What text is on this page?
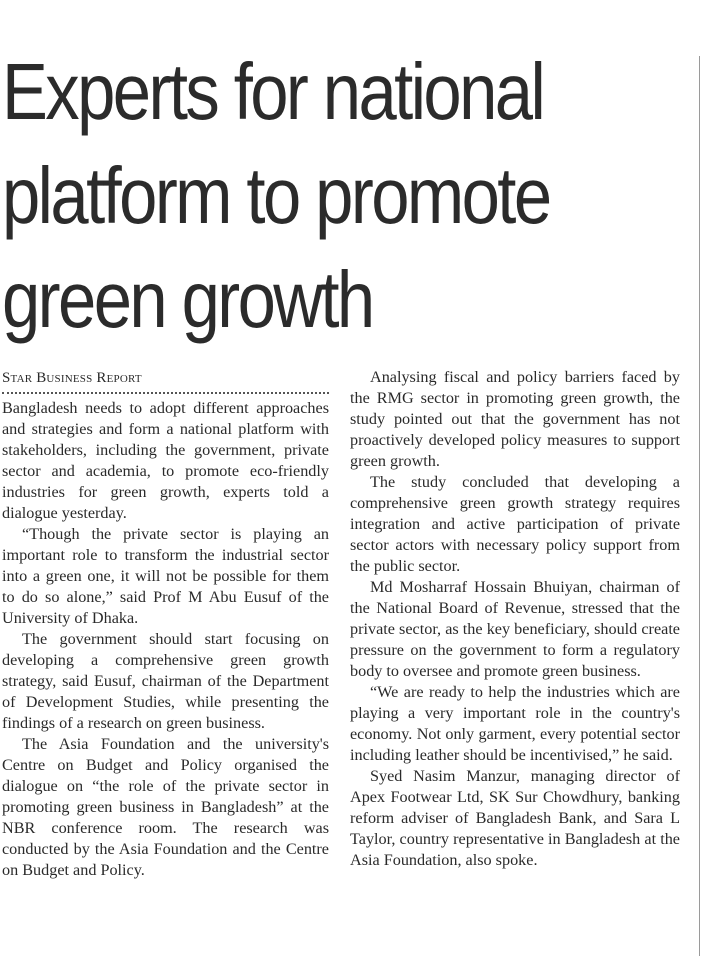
Experts for national
platform to promote
green growth

Star Business Report

Bangladesh needs to adopt different approaches and strategies and form a national platform with stakeholders, including the government, private sector and academia, to promote eco-friendly industries for green growth, experts told a dialogue yesterday.

“Though the private sector is playing an important role to transform the industrial sector into a green one, it will not be possible for them to do so alone,” said Prof M Abu Eusuf of the University of Dhaka.

The government should start focusing on developing a comprehensive green growth strategy, said Eusuf, chairman of the Department of Development Studies, while presenting the findings of a research on green business.

The Asia Foundation and the university's Centre on Budget and Policy organised the dialogue on “the role of the private sector in promoting green business in Bangladesh” at the NBR conference room. The research was conducted by the Asia Foundation and the Centre on Budget and Policy.

Analysing fiscal and policy barriers faced by the RMG sector in promoting green growth, the study pointed out that the government has not proactively developed policy measures to support green growth.

The study concluded that developing a comprehensive green growth strategy requires integration and active participation of private sector actors with necessary policy support from the public sector.

Md Mosharraf Hossain Bhuiyan, chairman of the National Board of Revenue, stressed that the private sector, as the key beneficiary, should create pressure on the government to form a regulatory body to oversee and promote green business.

“We are ready to help the industries which are playing a very important role in the country's economy. Not only garment, every potential sector including leather should be incentivised,” he said.

Syed Nasim Manzur, managing director of Apex Footwear Ltd, SK Sur Chowdhury, banking reform adviser of Bangladesh Bank, and Sara L Taylor, country representative in Bangladesh at the Asia Foundation, also spoke.
